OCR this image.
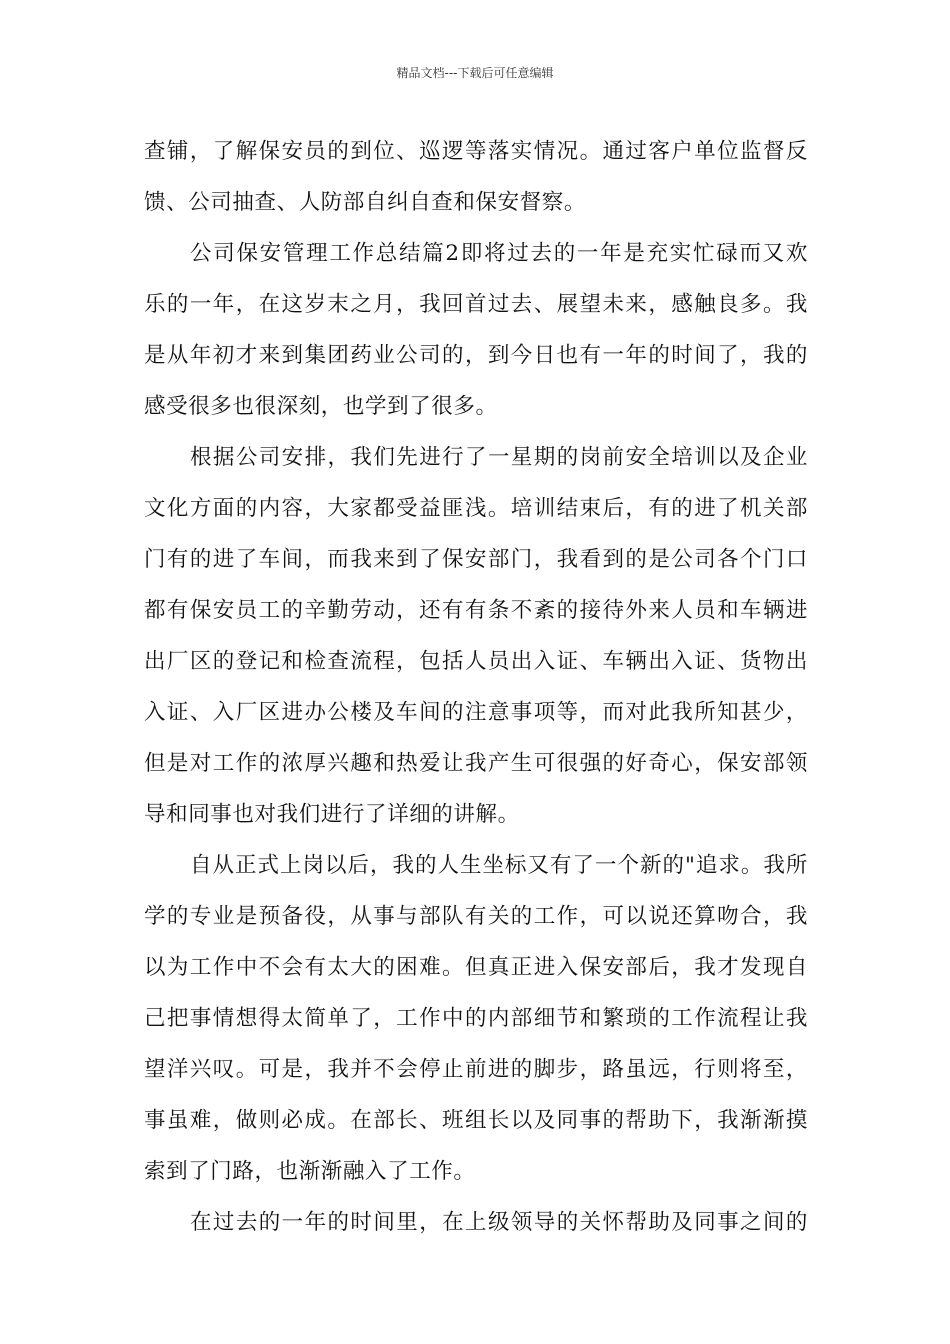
精品文档---下载后可任意编辑
查铺，了解保安员的到位、巡逻等落实情况。通过客户单位监督反
馈、公司抽查、人防部自纠自查和保安督察。
公司保安管理工作总结篇2即将过去的一年是充实忙碌而又欢
乐的一年，在这岁末之月，我回首过去、展望未来，感触良多。我
是从年初才来到集团药业公司的，到今日也有一年的时间了，我的
感受很多也很深刻，也学到了很多。
根据公司安排，我们先进行了一星期的岗前安全培训以及企业
文化方面的内容，大家都受益匪浅。培训结束后，有的进了机关部
门有的进了车间，而我来到了保安部门，我看到的是公司各个门口
都有保安员工的辛勤劳动，还有有条不紊的接待外来人员和车辆进
出厂区的登记和检查流程，包括人员出入证、车辆出入证、货物出
入证、入厂区进办公楼及车间的注意事项等，而对此我所知甚少，
但是对工作的浓厚兴趣和热爱让我产生可很强的好奇心，保安部领
导和同事也对我们进行了详细的讲解。
自从正式上岗以后，我的人生坐标又有了一个新的"追求。我所
学的专业是预备役，从事与部队有关的工作，可以说还算吻合，我
以为工作中不会有太大的困难。但真正进入保安部后，我才发现自
己把事情想得太简单了，工作中的内部细节和繁琐的工作流程让我
望洋兴叹。可是，我并不会停止前进的脚步，路虽远，行则将至，
事虽难，做则必成。在部长、班组长以及同事的帮助下，我渐渐摸
索到了门路，也渐渐融入了工作。
在过去的一年的时间里，在上级领导的关怀帮助及同事之间的
